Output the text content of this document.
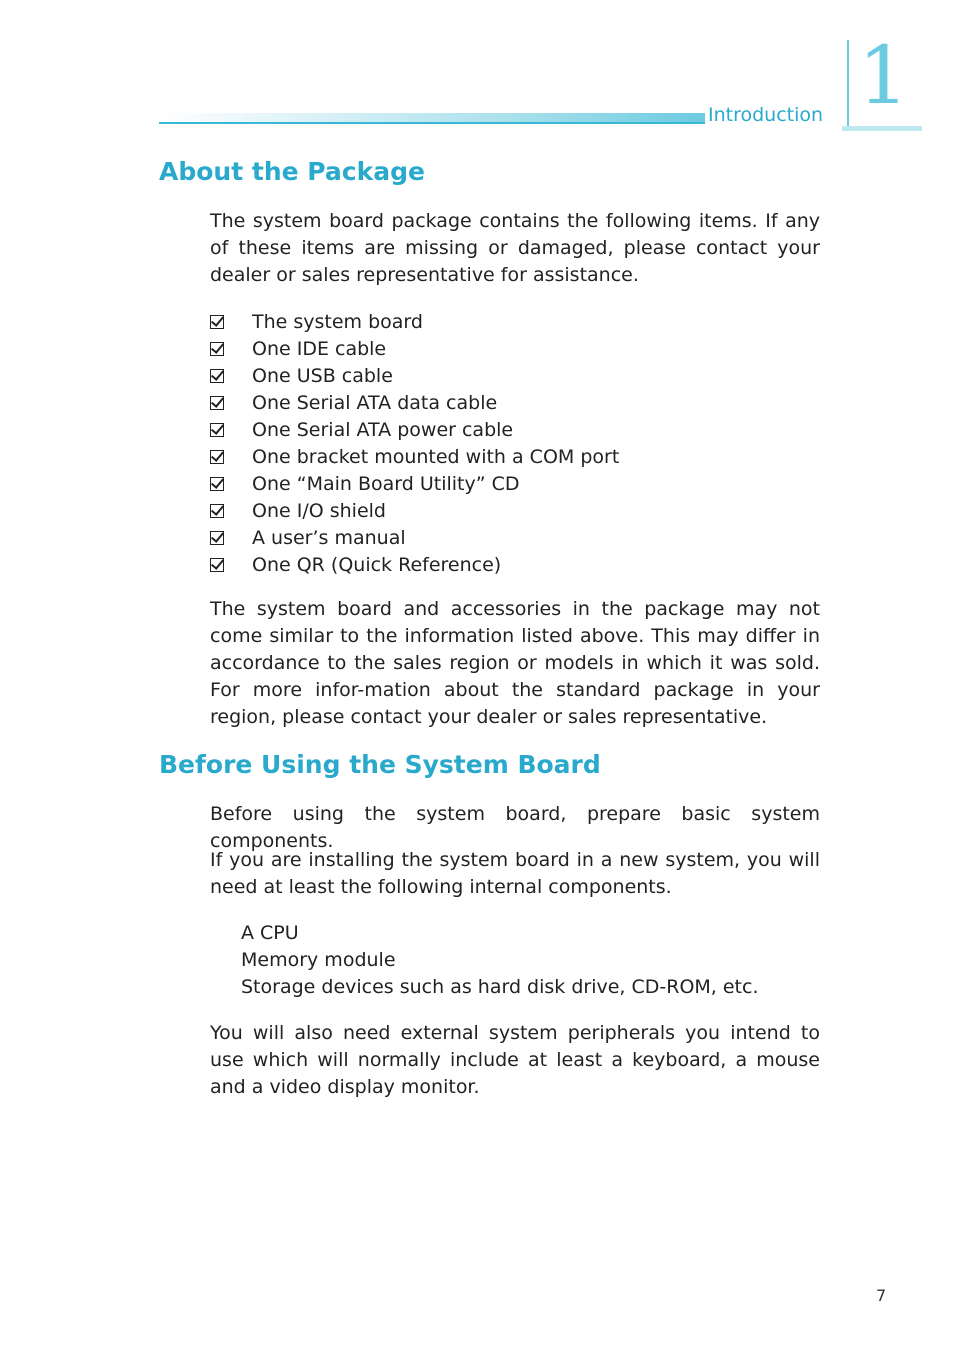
Introduction 1
About the Package

The system board package contains the following items. If any of these items are missing or damaged, please contact your dealer or sales representative for assistance.

The system board
One IDE cable
One USB cable
One Serial ATA data cable
One Serial ATA power cable
One bracket mounted with a COM port
One “Main Board Utility” CD
One I/O shield
A user’s manual
One QR (Quick Reference)

The system board and accessories in the package may not come similar to the information listed above. This may differ in accordance to the sales region or models in which it was sold. For more infor-mation about the standard package in your region, please contact your dealer or sales representative.

Before Using the System Board

Before using the system board, prepare basic system components.

If you are installing the system board in a new system, you will need at least the following internal components.

A CPU
Memory module
Storage devices such as hard disk drive, CD-ROM, etc.

You will also need external system peripherals you intend to use which will normally include at least a keyboard, a mouse and a video display monitor.

7
